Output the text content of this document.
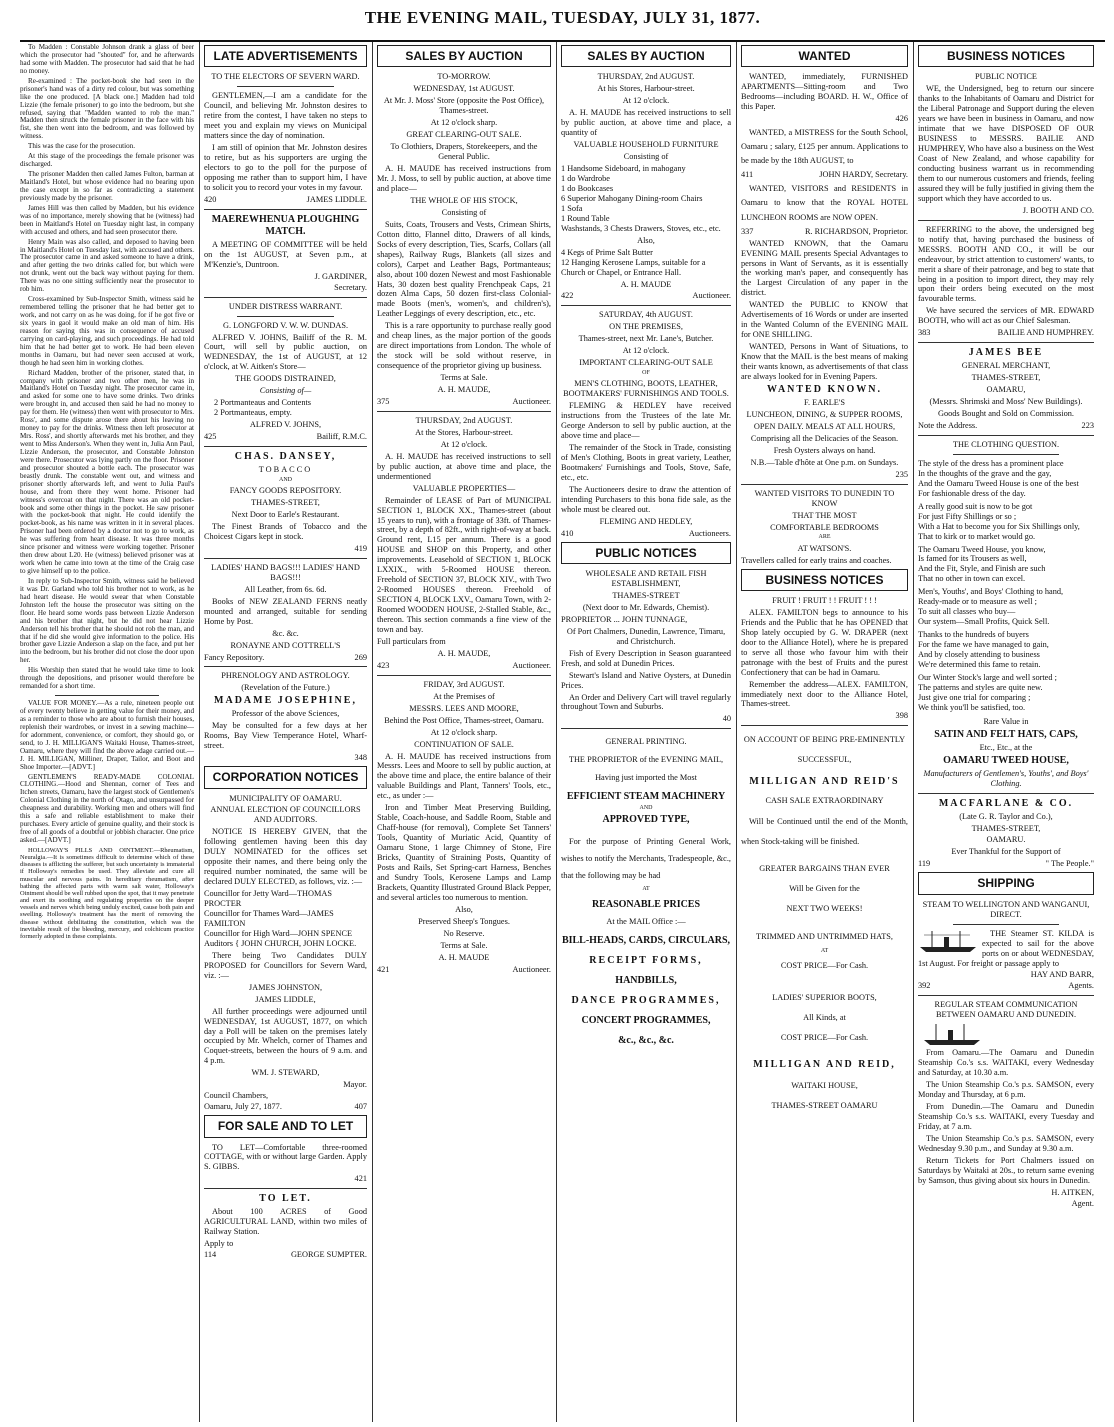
THE EVENING MAIL, TUESDAY, JULY 31, 1877.

To Madden : Constable Johnson drank a glass of beer which the prosecutor had "shouted" for, and he afterwards had some with Madden. The prosecutor had said that he had no money.

Re-examined : The pocket-book she had seen in the prisoner's hand was of a dirty red colour, but was something like the one produced. [A black one.] Madden had told Lizzie (the female prisoner) to go into the bedroom, but she refused, saying that "Madden wanted to rob the man." Madden then struck the female prisoner in the face with his fist, she then went into the bedroom, and was followed by witness.

This was the case for the prosecution.

At this stage of the proceedings the female prisoner was discharged.

The prisoner Madden then called James Fulton, barman at Maitland's Hotel, but whose evidence had no bearing upon the case except in so far as contradicting a statement previously made by the prisoner.

James Hill was then called by Madden, but his evidence was of no importance, merely showing that he (witness) had been in Maitland's Hotel on Tuesday night last, in company with accused and others, and had seen prosecutor there.

Henry Main was also called, and deposed to having been in Maitland's Hotel on Tuesday last, with accused and others. The prosecutor came in and asked someone to have a drink, and after getting the two drinks called for, but which were not drunk, went out the back way without paying for them. There was no one sitting sufficiently near the prosecutor to rob him.

Cross-examined by Sub-Inspector Smith, witness said he remembered telling the prisoner that he had better get to work, and not carry on as he was doing, for if he got five or six years in gaol it would make an old man of him. His reason for saying this was in consequence of accused carrying on card-playing, and such proceedings. He had told him that he had better get to work. He had been eleven months in Oamaru, but had never seen accused at work, though he had seen him in working clothes.

Richard Madden, brother of the prisoner, stated that, in company with prisoner and two other men, he was in Maitland's Hotel on Tuesday night. The prosecutor came in, and asked for some one to have some drinks. Two drinks were brought in, and accused then said he had no money to pay for them. He (witness) then went with prosecutor to Mrs. Ross', and some dispute arose there about his leaving no money to pay for the drinks. Witness then left prosecutor at Mrs. Ross', and shortly afterwards met his brother, and they went to Miss Anderson's. When they went in, Julia Ann Paul, Lizzie Anderson, the prosecutor, and Constable Johnston were there. Prosecutor was lying partly on the floor. Prisoner and prosecutor shouted a bottle each. The prosecutor was beastly drunk. The constable went out, and witness and prisoner shortly afterwards left, and went to Julia Paul's house, and from there they went home. Prisoner had witness's overcoat on that night. There was an old pocket-book and some other things in the pocket. He saw prisoner with the pocket-book that night. He could identify the pocket-book, as his name was written in it in several places. Prisoner had been ordered by a doctor not to go to work, as he was suffering from heart disease. It was three months since prisoner and witness were working together. Prisoner then drew about L20. He (witness) believed prisoner was at work when he came into town at the time of the Craig case to give himself up to the police.

In reply to Sub-Inspector Smith, witness said he believed it was Dr. Garland who told his brother not to work, as he had heart disease. He would swear that when Constable Johnston left the house the prosecutor was sitting on the floor. He heard some words pass between Lizzie Anderson and his brother that night, but he did not hear Lizzie Anderson tell his brother that he should not rob the man, and that if he did she would give information to the police. His brother gave Lizzie Anderson a slap on the face, and put her into the bedroom, but his brother did not close the door upon her.

His Worship then stated that he would take time to look through the depositions, and prisoner would therefore be remanded for a short time.

VALUE FOR MONEY.—As a rule, nineteen people out of every twenty believe in getting value for their money, and as a reminder to those who are about to furnish their houses, replenish their wardrobes, or invest in a sewing machine—for adornment, convenience, or comfort, they should go, or send, to J. H. MILLIGAN'S Waitaki House, Thames-street, Oamaru, where they will find the above adage carried out.—J. H. MILLIGAN, Milliner, Draper, Tailor, and Boot and Shoe Importer.—[ADVT.]

GENTLEMEN'S READY-MADE COLONIAL CLOTHING.—Hood and Shennan, corner of Tees and Itchen streets, Oamaru, have the largest stock of Gentlemen's Colonial Clothing in the north of Otago, and unsurpassed for cheapness and durability. Working men and others will find this a safe and reliable establishment to make their purchases. Every article of genuine quality, and their stock is free of all goods of a doubtful or jobbish character. One price asked.—[ADVT.]

HOLLOWAY'S PILLS AND OINTMENT.—Rheumatism, Neuralgia.—It is sometimes difficult to determine which of these diseases is afflicting the sufferer, but such uncertainty is immaterial if Holloway's remedies be used. They alleviate and cure all muscular and nervous pains. In hereditary rheumatism, after bathing the affected parts with warm salt water, Holloway's Ointment should be well rubbed upon the spot, that it may penetrate and exert its soothing and regulating properties on the deeper vessels and nerves which being unduly excited, cause both pain and swelling. Holloway's treatment has the merit of removing the disease without debilitating the constitution, which was the inevitable result of the bleeding, mercury, and colchicum practice formerly adopted in these complaints.

LATE ADVERTISEMENTS
TO THE ELECTORS OF SEVERN WARD.

GENTLEMEN,—I am a candidate for the Council, and believing Mr. Johnston desires to retire from the contest, I have taken no steps to meet you and explain my views on Municipal matters since the day of nomination.

I am still of opinion that Mr. Johnston desires to retire, but as his supporters are urging the electors to go to the poll for the purpose of opposing me rather than to support him, I have to solicit you to record your votes in my favour.

420	JAMES LIDDLE.
MAEREWHENUA PLOUGHING MATCH.

A MEETING OF COMMITTEE will be held on the 1st AUGUST, at Seven p.m., at M'Kenzie's, Duntroon.

J. GARDINER,
Secretary.
UNDER DISTRESS WARRANT.
G. LONGFORD V. W. W. DUNDAS.

ALFRED V. JOHNS, Bailiff of the R. M. Court, will sell by public auction, on WEDNESDAY, the 1st of AUGUST, at 12 o'clock, at W. Aitken's Store—

THE GOODS DISTRAINED,
Consisting of—
2 Portmanteaus and Contents
2 Portmanteaus, empty.
ALFRED V. JOHNS,
425	Bailiff, R.M.C.
CHAS. DANSEY,
TOBACCO
AND
FANCY GOODS REPOSITORY.
THAMES-STREET,
Next Door to Earle's Restaurant.

The Finest Brands of Tobacco and the Choicest Cigars kept in stock.

419
LADIES' HAND BAGS!!! LADIES' HAND BAGS!!!
All Leather, from 6s. 6d.

Books of NEW ZEALAND FERNS neatly mounted and arranged, suitable for sending Home by Post.

&c. &c.
RONAYNE AND COTTRELL'S
Fancy Repository.	269
PHRENOLOGY AND ASTROLOGY.
(Revelation of the Future.)
MADAME JOSEPHINE,
Professor of the above Sciences,

May be consulted for a few days at her Rooms, Bay View Temperance Hotel, Wharf-street.

348
CORPORATION NOTICES
MUNICIPALITY OF OAMARU.
ANNUAL ELECTION OF COUNCILLORS AND AUDITORS.

NOTICE IS HEREBY GIVEN, that the following gentlemen having been this day DULY NOMINATED for the offices set opposite their names, and there being only the required number nominated, the same will be declared DULY ELECTED, as follows, viz. :—

Councillor for Jetty Ward—THOMAS PROCTER
Councillor for Thames Ward—JAMES FAMILTON
Councillor for High Ward—JOHN SPENCE
Auditors { JOHN CHURCH, JOHN LOCKE.

There being Two Candidates DULY PROPOSED for Councillors for Severn Ward, viz. :—

JAMES JOHNSTON,
JAMES LIDDLE,

All further proceedings were adjourned until WEDNESDAY, 1st AUGUST, 1877, on which day a Poll will be taken on the premises lately occupied by Mr. Whelch, corner of Thames and Coquet-streets, between the hours of 9 a.m. and 4 p.m.

WM. J. STEWARD,
Mayor.
Council Chambers,
Oamaru, July 27, 1877.	407
FOR SALE AND TO LET

TO LET—Comfortable three-roomed COTTAGE, with or without large Garden. Apply S. GIBBS.

421
TO LET.

About 100 ACRES of Good AGRICULTURAL LAND, within two miles of Railway Station.

Apply to
114	GEORGE SUMPTER.
SALES BY AUCTION
TO-MORROW.
WEDNESDAY, 1st AUGUST.
At Mr. J. Moss' Store (opposite the Post Office), Thames-street.
At 12 o'clock sharp.
GREAT CLEARING-OUT SALE.
To Clothiers, Drapers, Storekeepers, and the General Public.

A. H. MAUDE has received instructions from Mr. J. Moss, to sell by public auction, at above time and place—

THE WHOLE OF HIS STOCK,
Consisting of

Suits, Coats, Trousers and Vests, Crimean Shirts, Cotton ditto, Flannel ditto, Drawers of all kinds, Socks of every description, Ties, Scarfs, Collars (all shapes), Railway Rugs, Blankets (all sizes and colors), Carpet and Leather Bags, Portmanteaus; also, about 100 dozen Newest and most Fashionable Hats, 30 dozen best quality Frenchpeak Caps, 21 dozen Alma Caps, 50 dozen first-class Colonial-made Boots (men's, women's, and children's), Leather Leggings of every description, etc., etc.

This is a rare opportunity to purchase really good and cheap lines, as the major portion of the goods are direct importations from London. The whole of the stock will be sold without reserve, in consequence of the proprietor giving up business.

Terms at Sale.
A. H. MAUDE,
375	Auctioneer.
THURSDAY, 2nd AUGUST.
At the Stores, Harbour-street.
At 12 o'clock.

A. H. MAUDE has received instructions to sell by public auction, at above time and place, the undermentioned

VALUABLE PROPERTIES—

Remainder of LEASE of Part of MUNICIPAL SECTION 1, BLOCK XX., Thames-street (about 15 years to run), with a frontage of 33ft. of Thames-street, by a depth of 82ft., with right-of-way at back. Ground rent, L15 per annum. There is a good HOUSE and SHOP on this Property, and other improvements. Leasehold of SECTION 1, BLOCK LXXIX., with 5-Roomed HOUSE thereon. Freehold of SECTION 37, BLOCK XIV., with Two 2-Roomed HOUSES thereon. Freehold of SECTION 4, BLOCK LXV., Oamaru Town, with 2-Roomed WOODEN HOUSE, 2-Stalled Stable, &c., thereon. This section commands a fine view of the town and bay.

Full particulars from
A. H. MAUDE,
423	Auctioneer.
FRIDAY, 3rd AUGUST.
At the Premises of
MESSRS. LEES AND MOORE,
Behind the Post Office, Thames-street, Oamaru.
At 12 o'clock sharp.
CONTINUATION OF SALE.

A. H. MAUDE has received instructions from Messrs. Lees and Moore to sell by public auction, at the above time and place, the entire balance of their valuable Buildings and Plant, Tanners' Tools, etc., etc., as under :—

Iron and Timber Meat Preserving Building, Stable, Coach-house, and Saddle Room, Stable and Chaff-house (for removal), Complete Set Tanners' Tools, Quantity of Muriatic Acid, Quantity of Oamaru Stone, 1 large Chimney of Stone, Fire Bricks, Quantity of Straining Posts, Quantity of Posts and Rails, Set Spring-cart Harness, Benches and Sundry Tools, Kerosene Lamps and Lamp Brackets, Quantity Illustrated Ground Black Pepper, and several articles too numerous to mention.

Also,
Preserved Sheep's Tongues.
No Reserve.
Terms at Sale.
A. H. MAUDE
421	Auctioneer.
SALES BY AUCTION
THURSDAY, 2nd AUGUST.
At his Stores, Harbour-street.
At 12 o'clock.

A. H. MAUDE has received instructions to sell by public auction, at above time and place, a quantity of

VALUABLE HOUSEHOLD FURNITURE
Consisting of
1 Handsome Sideboard, in mahogany
1 do Wardrobe
1 do Bookcases
6 Superior Mahogany Dining-room Chairs
1 Sofa
1 Round Table
Washstands, 3 Chests Drawers, Stoves, etc., etc.
Also,
4 Kegs of Prime Salt Butter
12 Hanging Kerosene Lamps, suitable for a Church or Chapel, or Entrance Hall.
A. H. MAUDE
422	Auctioneer.
SATURDAY, 4th AUGUST.
ON THE PREMISES,
Thames-street, next Mr. Lane's, Butcher.
At 12 o'clock.
IMPORTANT CLEARING-OUT SALE
OF
MEN'S CLOTHING, BOOTS, LEATHER, BOOTMAKERS' FURNISHINGS AND TOOLS.

FLEMING & HEDLEY have received instructions from the Trustees of the late Mr. George Anderson to sell by public auction, at the above time and place—

The remainder of the Stock in Trade, consisting of Men's Clothing, Boots in great variety, Leather, Bootmakers' Furnishings and Tools, Stove, Safe, etc., etc.

The Auctioneers desire to draw the attention of intending Purchasers to this bona fide sale, as the whole must be cleared out.

FLEMING AND HEDLEY,
410	Auctioneers.
PUBLIC NOTICES
WHOLESALE AND RETAIL FISH ESTABLISHMENT,
THAMES-STREET
(Next door to Mr. Edwards, Chemist).
PROPRIETOR ... JOHN TUNNAGE,
Of Port Chalmers, Dunedin, Lawrence, Timaru, and Christchurch.

Fish of Every Description in Season guaranteed Fresh, and sold at Dunedin Prices.

Stewart's Island and Native Oysters, at Dunedin Prices.

An Order and Delivery Cart will travel regularly throughout Town and Suburbs.

40
GENERAL PRINTING.
THE PROPRIETOR of the EVENING MAIL,
Having just imported the Most
EFFICIENT STEAM MACHINERY
AND
APPROVED TYPE,

For the purpose of Printing General Work, wishes to notify the Merchants, Tradespeople, &c., that the following may be had

AT
REASONABLE PRICES
At the MAIL Office :—
BILL-HEADS, CARDS, CIRCULARS,
RECEIPT FORMS,
HANDBILLS,
DANCE PROGRAMMES,
CONCERT PROGRAMMES,
&c., &c., &c.
WANTED

WANTED, immediately, FURNISHED APARTMENTS—Sitting-room and Two Bedrooms—including BOARD. H. W., Office of this Paper.

426

WANTED, a MISTRESS for the South School, Oamaru ; salary, £125 per annum. Applications to be made by the 18th AUGUST, to

411	JOHN HARDY, Secretary.

WANTED, VISITORS and RESIDENTS in Oamaru to know that the ROYAL HOTEL LUNCHEON ROOMS are NOW OPEN.

337	R. RICHARDSON, Proprietor.

WANTED KNOWN, that the Oamaru EVENING MAIL presents Special Advantages to persons in Want of Servants, as it is essentially the working man's paper, and consequently has the Largest Circulation of any paper in the district.

WANTED the PUBLIC to KNOW that Advertisements of 16 Words or under are inserted in the Wanted Column of the EVENING MAIL for ONE SHILLING.

WANTED, Persons in Want of Situations, to Know that the MAIL is the best means of making their wants known, as advertisements of that class are always looked for in Evening Papers.

WANTED KNOWN.
F. EARLE'S
LUNCHEON, DINING, & SUPPER ROOMS,
OPEN DAILY. MEALS AT ALL HOURS,
Comprising all the Delicacies of the Season.
Fresh Oysters always on hand.
N.B.—Table d'hôte at One p.m. on Sundays.
235
WANTED VISITORS TO DUNEDIN TO KNOW
THAT THE MOST
COMFORTABLE BEDROOMS
ARE
AT WATSON'S.
Travellers called for early trains and coaches.
BUSINESS NOTICES
FRUIT ! FRUIT ! ! FRUIT ! ! !

ALEX. FAMILTON begs to announce to his Friends and the Public that he has OPENED that Shop lately occupied by G. W. DRAPER (next door to the Alliance Hotel), where he is prepared to serve all those who favour him with their patronage with the best of Fruits and the purest Confectionery that can be had in Oamaru.

Remember the address—ALEX. FAMILTON, immediately next door to the Alliance Hotel, Thames-street.

398
ON ACCOUNT OF BEING PRE-EMINENTLY SUCCESSFUL,
MILLIGAN AND REID'S
CASH SALE EXTRAORDINARY

Will be Continued until the end of the Month, when Stock-taking will be finished.

GREATER BARGAINS THAN EVER
Will be Given for the
NEXT TWO WEEKS!
TRIMMED AND UNTRIMMED HATS,
AT
COST PRICE—For Cash.
LADIES' SUPERIOR BOOTS,
All Kinds, at
COST PRICE—For Cash.
MILLIGAN AND REID,
WAITAKI HOUSE,
THAMES-STREET OAMARU
BUSINESS NOTICES
PUBLIC NOTICE

WE, the Undersigned, beg to return our sincere thanks to the Inhabitants of Oamaru and District for the Liberal Patronage and Support during the eleven years we have been in business in Oamaru, and now intimate that we have DISPOSED OF OUR BUSINESS to MESSRS. BAILIE AND HUMPHREY, Who have also a business on the West Coast of New Zealand, and whose capability for conducting business warrant us in recommending them to our numerous customers and friends, feeling assured they will be fully justified in giving them the support which they have accorded to us.

J. BOOTH AND CO.

REFERRING to the above, the undersigned beg to notify that, having purchased the business of MESSRS. BOOTH AND CO., it will be our endeavour, by strict attention to customers' wants, to merit a share of their patronage, and beg to state that being in a position to import direct, they may rely upon their orders being executed on the most favourable terms.

We have secured the services of MR. EDWARD BOOTH, who will act as our Chief Salesman.

383	BAILIE AND HUMPHREY.
JAMES BEE
GENERAL MERCHANT,
THAMES-STREET,
OAMARU,
(Messrs. Shrimski and Moss' New Buildings).
Goods Bought and Sold on Commission.
Note the Address.	223
THE CLOTHING QUESTION.
The style of the dress has a prominent place
In the thoughts of the grave and the gay,
And the Oamaru Tweed House is one of the best
For fashionable dress of the day.
A really good suit is now to be got
For just Fifty Shillings or so ;
With a Hat to become you for Six Shillings only,
That to kirk or to market would go.
The Oamaru Tweed House, you know,
Is famed for its Trousers as well,
And the Fit, Style, and Finish are such
That no other in town can excel.
Men's, Youths', and Boys' Clothing to hand,
Ready-made or to measure as well ;
To suit all classes who buy—
Our system—Small Profits, Quick Sell.
Thanks to the hundreds of buyers
For the fame we have managed to gain,
And by closely attending to business
We're determined this fame to retain.
Our Winter Stock's large and well sorted ;
The patterns and styles are quite new.
Just give one trial for comparing ;
We think you'll be satisfied, too.
Rare Value in
SATIN AND FELT HATS, CAPS,
Etc., Etc., at the
OAMARU TWEED HOUSE,
Manufacturers of Gentlemen's, Youths', and Boys' Clothing.
MACFARLANE & CO.
(Late G. R. Taylor and Co.),
THAMES-STREET,
OAMARU.
Ever Thankful for the Support of
119	" The People."
SHIPPING
STEAM TO WELLINGTON AND WANGANUI, DIRECT.

THE Steamer ST. KILDA is expected to sail for the above ports on or about WEDNESDAY, 1st August. For freight or passage apply to

HAY AND BARR,
392	Agents.
REGULAR STEAM COMMUNICATION BETWEEN OAMARU AND DUNEDIN.

From Oamaru.—The Oamaru and Dunedin Steamship Co.'s s.s. WAITAKI, every Wednesday and Saturday, at 10.30 a.m.

The Union Steamship Co.'s p.s. SAMSON, every Monday and Thursday, at 6 p.m.

From Dunedin.—The Oamaru and Dunedin Steamship Co.'s s.s. WAITAKI, every Tuesday and Friday, at 7 a.m.

The Union Steamship Co.'s p.s. SAMSON, every Wednesday 9.30 p.m., and Sunday at 9.30 a.m.

Return Tickets for Port Chalmers issued on Saturdays by Waitaki at 20s., to return same evening by Samson, thus giving about six hours in Dunedin.

H. AITKEN,
Agent.
